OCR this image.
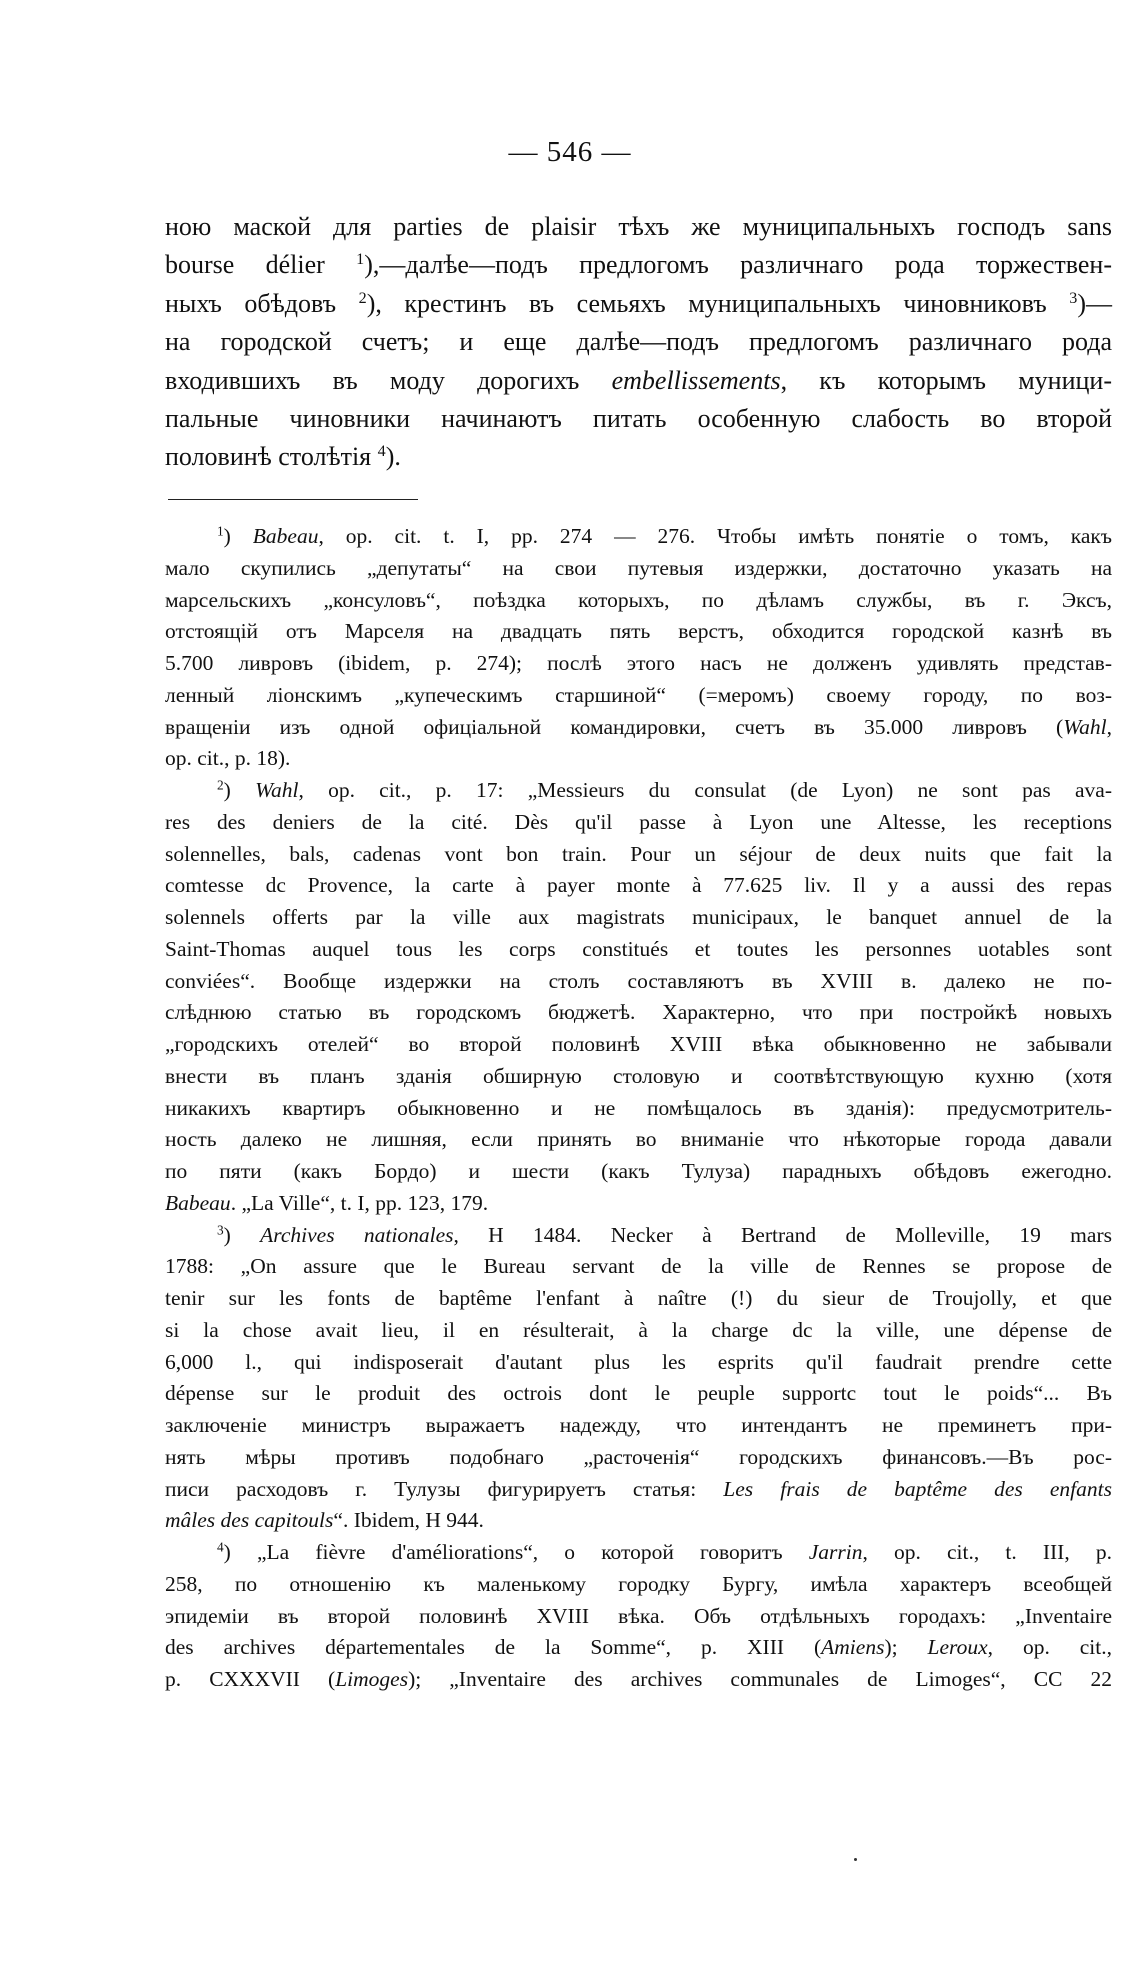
— 546 —
ною маской для parties de plaisir тѣхъ же муниципальныхъ господъ sans
bourse délier $^1$),—далѣе—подъ предлогомъ различнаго рода торжествен-
ныхъ обѣдовъ $^2$), крестинъ въ семьяхъ муниципальныхъ чиновниковъ $^3$)—
на городской счетъ; и еще далѣе—подъ предлогомъ различнаго рода
входившихъ въ моду дорогихъ embellissements, къ которымъ муници-
пальные чиновники начинаютъ питать особенную слабость во второй
половинѣ столѣтія $^4$).
$^1$) Babeau, op. cit. t. I, pp. 274 — 276. Чтобы имѣть понятіе о томъ, какъ
мало скупились „депутаты“ на свои путевыя издержки, достаточно указать на
марсельскихъ „консуловъ“, поѣздка которыхъ, по дѣламъ службы, въ г. Эксъ,
отстоящій отъ Марселя на двадцать пять верстъ, обходится городской казнѣ въ
5.700 ливровъ (ibidem, p. 274); послѣ этого насъ не долженъ удивлять представ-
ленный ліонскимъ „купеческимъ старшиной“ (=меромъ) своему городу, по воз-
вращеніи изъ одной офиціальной командировки, счетъ въ 35.000 ливровъ (Wahl,
op. cit., p. 18).
$^2$) Wahl, op. cit., p. 17: „Messieurs du consulat (de Lyon) ne sont pas ava-
res des deniers de la cité. Dès qu'il passe à Lyon une Altesse, les receptions
solennelles, bals, cadenas vont bon train. Pour un séjour de deux nuits que fait la
comtesse dc Provence, la carte à payer monte à 77.625 liv. Il y a aussi des repas
solennels offerts par la ville aux magistrats municipaux, le banquet annuel de la
Saint-Thomas auquel tous les corps constitués et toutes les personnes uotables sont
conviées“. Вообще издержки на столъ составляютъ въ XVIII в. далеко не по-
слѣднюю статью въ городскомъ бюджетѣ. Характерно, что при постройкѣ новыхъ
„городскихъ отелей“ во второй половинѣ XVIII вѣка обыкновенно не забывали
внести въ планъ зданія обширную столовую и соотвѣтствующую кухню (хотя
никакихъ квартиръ обыкновенно и не помѣщалось въ зданія): предусмотритель-
ность далеко не лишняя, если принять во вниманіе что нѣкоторые города давали
по пяти (какъ Бордо) и шести (какъ Тулуза) парадныхъ обѣдовъ ежегодно.
Babeau. „La Ville“, t. I, pp. 123, 179.
$^3$) Archives nationales, H 1484. Necker à Bertrand de Molleville, 19 mars
1788: „On assure que le Bureau servant de la ville de Rennes se propose de
tenir sur les fonts de baptême l'enfant à naître (!) du sieur de Troujolly, et que
si la chose avait lieu, il en résulterait, à la charge dc la ville, une dépense de
6,000 l., qui indisposerait d'autant plus les esprits qu'il faudrait prendre cette
dépense sur le produit des octrois dont le peuple supportc tout le poids“... Въ
заключеніе министръ выражаетъ надежду, что интендантъ не преминетъ при-
нять мѣры противъ подобнаго „расточенія“ городскихъ финансовъ.—Въ рос-
писи расходовъ г. Тулузы фигурируетъ статья: Les frais de baptême des enfants
mâles des capitouls“. Ibidem, H 944.
$^4$) „La fièvre d'améliorations“, о которой говоритъ Jarrin, op. cit., t. III, p.
258, по отношенію къ маленькому городку Бургу, имѣла характеръ всеобщей
эпидеміи въ второй половинѣ XVIII вѣка. Объ отдѣльныхъ городахъ: „Inventaire
des archives départementales de la Somme“, p. XIII (Amiens); Leroux, op. cit.,
p. CXXXVII (Limoges); „Inventaire des archives communales de Limoges“, CC 22
